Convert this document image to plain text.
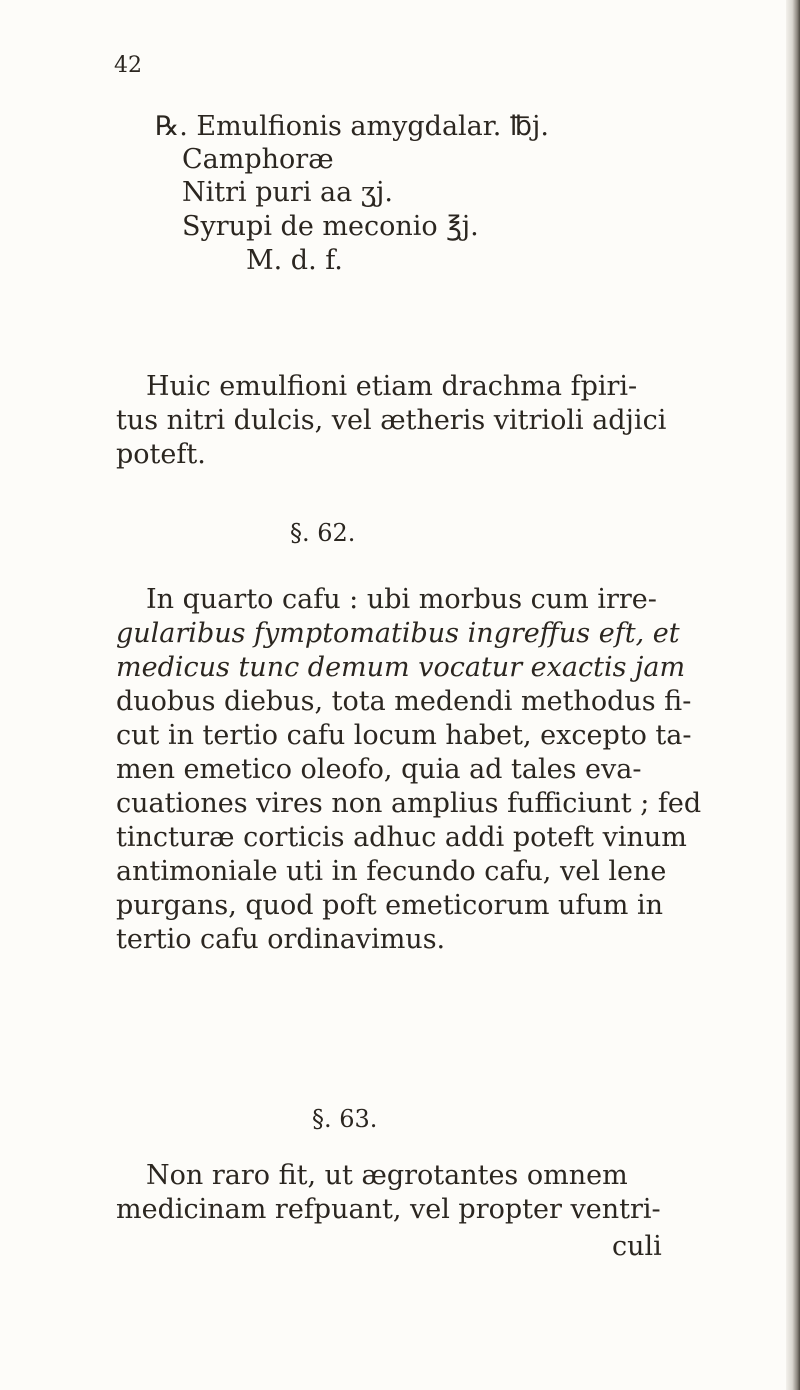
42
℞. Emulfionis amygdalar. ℔j.
Camphoræ
Nitri puri aa ʒj.
Syrupi de meconio ℥j.
M. d. f.
Huic emulfioni etiam drachma fpiri-
tus nitri dulcis, vel ætheris vitrioli adjici
poteft.
§. 62.
In quarto cafu : ubi morbus cum irre-
gularibus fymptomatibus ingreffus eft, et
medicus tunc demum vocatur exactis jam
duobus diebus, tota medendi methodus fi-
cut in tertio cafu locum habet, excepto ta-
men emetico oleofo, quia ad tales eva-
cuationes vires non amplius fufficiunt ; fed
tincturæ corticis adhuc addi poteft vinum
antimoniale uti in fecundo cafu, vel lene
purgans, quod poft emeticorum ufum in
tertio cafu ordinavimus.
§. 63.
Non raro fit, ut ægrotantes omnem
medicinam refpuant, vel propter ventri-
culi
